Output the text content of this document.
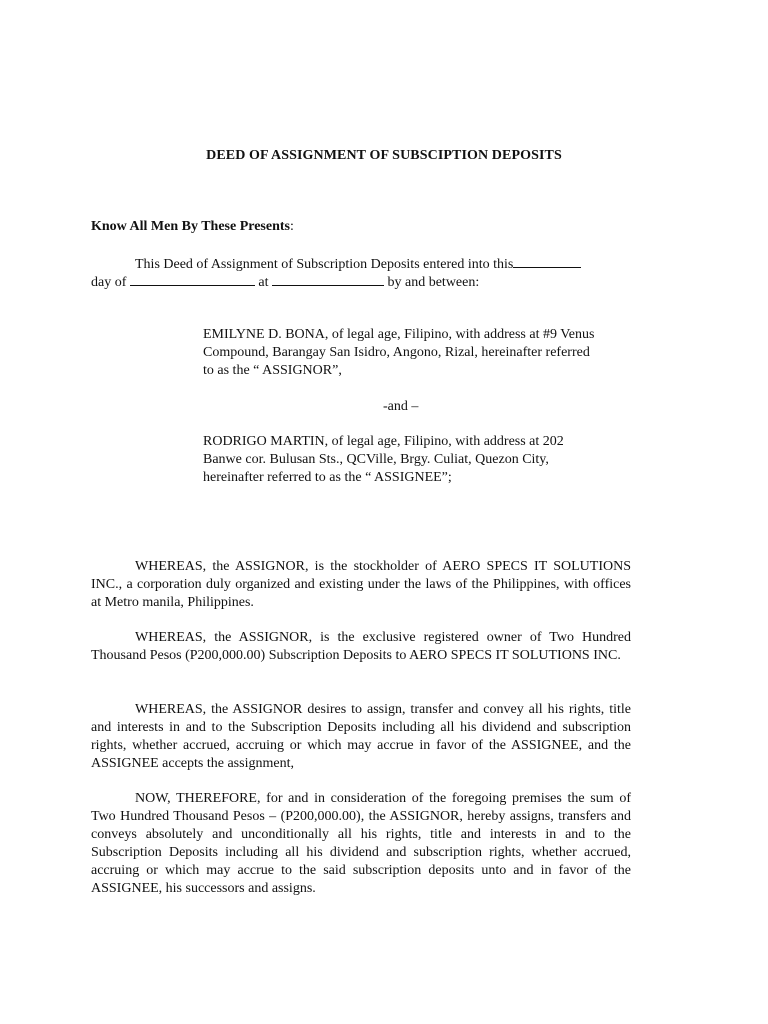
DEED OF ASSIGNMENT OF SUBSCIPTION DEPOSITS
Know All Men By These Presents:
This Deed of Assignment of Subscription Deposits entered into this
day of	at	by and between:
EMILYNE D. BONA, of legal age, Filipino, with address at #9 Venus
Compound, Barangay San Isidro, Angono, Rizal, hereinafter referred
to as the “ ASSIGNOR”,
-and –
RODRIGO MARTIN, of legal age, Filipino, with address at 202
Banwe cor. Bulusan Sts., QCVille, Brgy. Culiat, Quezon City,
hereinafter referred to as the “ ASSIGNEE”;
WHEREAS, the ASSIGNOR, is the stockholder of AERO SPECS IT SOLUTIONS INC., a corporation duly organized and existing under the laws of the Philippines, with offices at Metro manila, Philippines.
WHEREAS, the ASSIGNOR, is the exclusive registered owner of Two Hundred Thousand Pesos (P200,000.00) Subscription Deposits to AERO SPECS IT SOLUTIONS INC.
WHEREAS, the ASSIGNOR desires to assign, transfer and convey all his rights, title and interests in and to the Subscription Deposits including all his dividend and subscription rights, whether accrued, accruing or which may accrue in favor of the ASSIGNEE, and the ASSIGNEE accepts the assignment,
NOW, THEREFORE, for and in consideration of the foregoing premises the sum of Two Hundred Thousand Pesos – (P200,000.00), the ASSIGNOR, hereby assigns, transfers and conveys absolutely and unconditionally all his rights, title and interests in and to the Subscription Deposits including all his dividend and subscription rights, whether accrued, accruing or which may accrue to the said subscription deposits unto and in favor of the ASSIGNEE, his successors and assigns.
